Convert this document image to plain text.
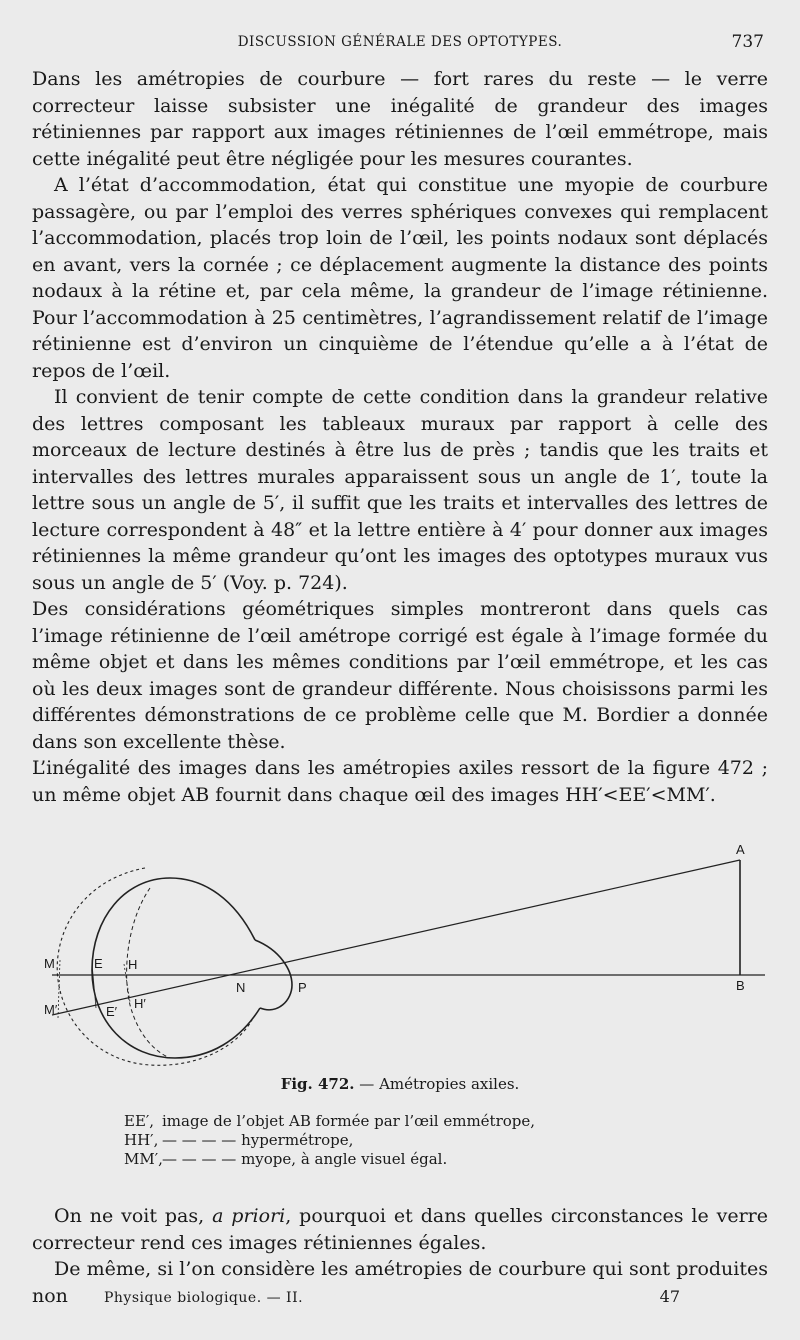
DISCUSSION GÉNÉRALE DES OPTOTYPES.	737

Dans les amétropies de courbure — fort rares du reste — le verre correcteur laisse subsister une inégalité de grandeur des images rétiniennes par rapport aux images rétiniennes de l’œil emmétrope, mais cette inégalité peut être négligée pour les mesures courantes.

A l’état d’accommodation, état qui constitue une myopie de courbure passagère, ou par l’emploi des verres sphériques convexes qui remplacent l’accommodation, placés trop loin de l’œil, les points nodaux sont déplacés en avant, vers la cornée ; ce déplacement augmente la distance des points nodaux à la rétine et, par cela même, la grandeur de l’image rétinienne. Pour l’accommodation à 25 centimètres, l’agrandissement relatif de l’image rétinienne est d’environ un cinquième de l’étendue qu’elle a à l’état de repos de l’œil.

Il convient de tenir compte de cette condition dans la grandeur relative des lettres composant les tableaux muraux par rapport à celle des morceaux de lecture destinés à être lus de près ; tandis que les traits et intervalles des lettres murales apparaissent sous un angle de 1′, toute la lettre sous un angle de 5′, il suffit que les traits et intervalles des lettres de lecture correspondent à 48″ et la lettre entière à 4′ pour donner aux images rétiniennes la même grandeur qu’ont les images des optotypes muraux vus sous un angle de 5′ (Voy. p. 724).

Des considérations géométriques simples montreront dans quels cas l’image rétinienne de l’œil amétrope corrigé est égale à l’image formée du même objet et dans les mêmes conditions par l’œil emmétrope, et les cas où les deux images sont de grandeur différente. Nous choisissons parmi les différentes démonstrations de ce problème celle que M. Bordier a donnée dans son excellente thèse.

L’inégalité des images dans les amétropies axiles ressort de la figure 472 ; un même objet AB fournit dans chaque œil des images HH′<EE′<MM′.

A
B
M
M′
E
E′
H
H′
N	P
Fig. 472. — Amétropies axiles.
EE′, image de l’objet AB formée par l’œil emmétrope,
HH′, — — — — hypermétrope,
MM′, — — — — myope, à angle visuel égal.

On ne voit pas, a priori, pourquoi et dans quelles circonstances le verre correcteur rend ces images rétiniennes égales.

De même, si l’on considère les amétropies de courbure qui sont produites non	Physique biologique. — II.	47
